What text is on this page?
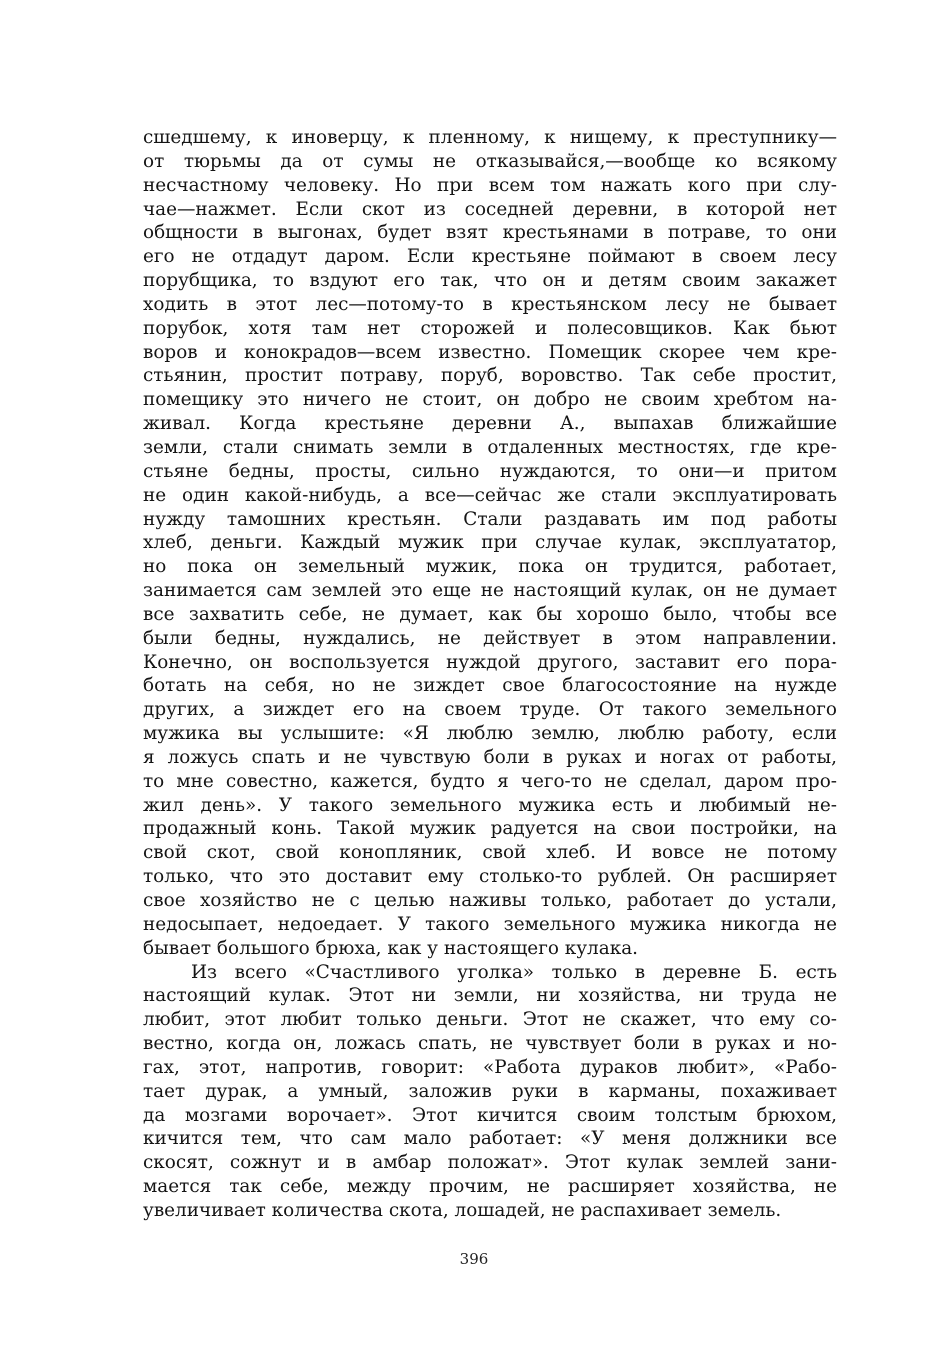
сшедшему, к иноверцу, к пленному, к нищему, к преступнику—
от тюрьмы да от сумы не отказывайся,—вообще ко всякому
несчастному человеку. Но при всем том нажать кого при слу-
чае—нажмет. Если скот из соседней деревни, в которой нет
общности в выгонах, будет взят крестьянами в потраве, то они
его не отдадут даром. Если крестьяне поймают в своем лесу
порубщика, то вздуют его так, что он и детям своим закажет
ходить в этот лес—потому-то в крестьянском лесу не бывает
порубок, хотя там нет сторожей и полесовщиков. Как бьют
воров и конокрадов—всем известно. Помещик скорее чем кре-
стьянин, простит потраву, поруб, воровство. Так себе простит,
помещику это ничего не стоит, он добро не своим хребтом на-
живал. Когда крестьяне деревни А., выпахав ближайшие
земли, стали снимать земли в отдаленных местностях, где кре-
стьяне бедны, просты, сильно нуждаются, то они—и притом
не один какой-нибудь, а все—сейчас же стали эксплуатировать
нужду тамошних крестьян. Стали раздавать им под работы
хлеб, деньги. Каждый мужик при случае кулак, эксплуататор,
но пока он земельный мужик, пока он трудится, работает,
занимается сам землей это еще не настоящий кулак, он не думает
все захватить себе, не думает, как бы хорошо было, чтобы все
были бедны, нуждались, не действует в этом направлении.
Конечно, он воспользуется нуждой другого, заставит его пора-
ботать на себя, но не зиждет свое благосостояние на нужде
других, а зиждет его на своем труде. От такого земельного
мужика вы услышите: «Я люблю землю, люблю работу, если
я ложусь спать и не чувствую боли в руках и ногах от работы,
то мне совестно, кажется, будто я чего-то не сделал, даром про-
жил день». У такого земельного мужика есть и любимый не-
продажный конь. Такой мужик радуется на свои постройки, на
свой скот, свой конопляник, свой хлеб. И вовсе не потому
только, что это доставит ему столько-то рублей. Он расширяет
свое хозяйство не с целью наживы только, работает до устали,
недосыпает, недоедает. У такого земельного мужика никогда не
бывает большого брюха, как у настоящего кулака.
Из всего «Счастливого уголка» только в деревне Б. есть
настоящий кулак. Этот ни земли, ни хозяйства, ни труда не
любит, этот любит только деньги. Этот не скажет, что ему со-
вестно, когда он, ложась спать, не чувствует боли в руках и но-
гах, этот, напротив, говорит: «Работа дураков любит», «Рабо-
тает дурак, а умный, заложив руки в карманы, похаживает
да мозгами ворочает». Этот кичится своим толстым брюхом,
кичится тем, что сам мало работает: «У меня должники все
скосят, сожнут и в амбар положат». Этот кулак землей зани-
мается так себе, между прочим, не расширяет хозяйства, не
увеличивает количества скота, лошадей, не распахивает земель.
396
